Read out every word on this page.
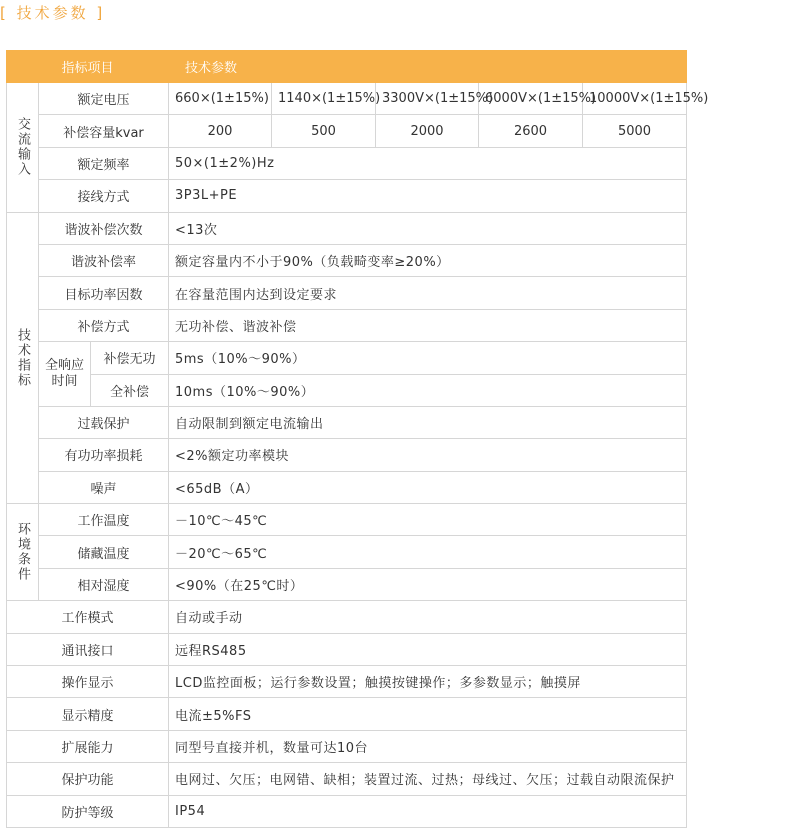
[ 技术参数 ]
指标项目			技术参数				
交流输入	额定电压		660×(1±15%)	1140×(1±15%)	3300V×(1±15%)	6000V×(1±15%)	10000V×(1±15%)
	补偿容量kvar		200	500	2000	2600	5000
	额定频率		50×(1±2%)Hz				
	接线方式		3P3L+PE				
技术指标	谐波补偿次数		<13次				
	谐波补偿率		额定容量内不小于90%（负载畸变率≥20%）				
	目标功率因数		在容量范围内达到设定要求				
	补偿方式		无功补偿、谐波补偿				
	全响应时间	补偿无功	5ms（10%～90%）				
		全补偿	10ms（10%～90%）				
	过载保护		自动限制到额定电流输出				
	有功功率损耗		<2%额定功率模块				
	噪声		<65dB（A）				
环境条件	工作温度		－10℃～45℃				
	储藏温度		－20℃～65℃				
	相对湿度		<90%（在25℃时）				
工作模式			自动或手动				
通讯接口			远程RS485				
操作显示			LCD监控面板；运行参数设置；触摸按键操作；多参数显示；触摸屏				
显示精度			电流±5%FS				
扩展能力			同型号直接并机，数量可达10台				
保护功能			电网过、欠压；电网错、缺相；装置过流、过热；母线过、欠压；过载自动限流保护				
防护等级			IP54				
